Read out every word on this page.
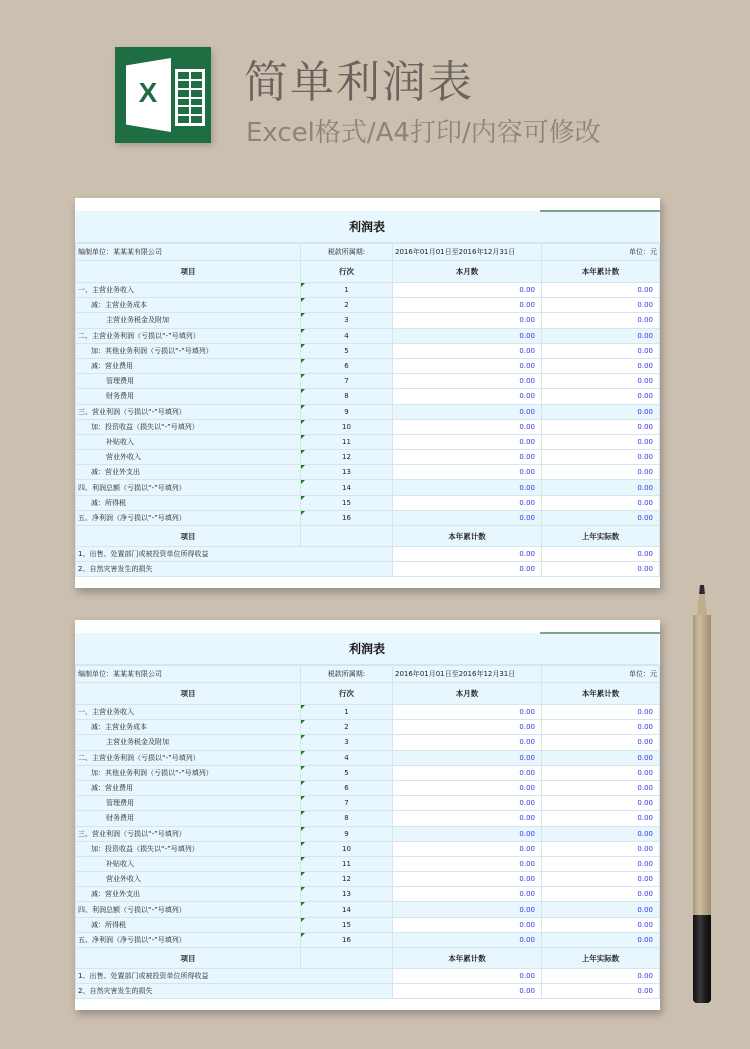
X 简单利润表
Excel格式/A4打印/内容可修改
利润表
编制单位：某某某有限公司	税款所属期:	2016年01月01日至2016年12月31日	单位：元
项目	行次	本月数	本年累计数
一、主营业务收入	1	0.00	0.00
减：主营业务成本	2	0.00	0.00
主营业务税金及附加	3	0.00	0.00
二、主营业务利润（亏损以“-”号填列）	4	0.00	0.00
加：其他业务利润（亏损以“-”号填列）	5	0.00	0.00
减：营业费用	6	0.00	0.00
管理费用	7	0.00	0.00
财务费用	8	0.00	0.00
三、营业利润（亏损以“-”号填列）	9	0.00	0.00
加：投资收益（损失以“-”号填列）	10	0.00	0.00
补贴收入	11	0.00	0.00
营业外收入	12	0.00	0.00
减：营业外支出	13	0.00	0.00
四、利润总额（亏损以“-”号填列）	14	0.00	0.00
减：所得税	15	0.00	0.00
五、净利润（净亏损以“-”号填列）	16	0.00	0.00
项目		本年累计数	上年实际数
1、出售、处置部门或被投资单位所得收益		0.00	0.00
2、自然灾害发生的损失		0.00	0.00
利润表
编制单位：某某某有限公司	税款所属期:	2016年01月01日至2016年12月31日	单位：元
项目	行次	本月数	本年累计数
一、主营业务收入	1	0.00	0.00
减：主营业务成本	2	0.00	0.00
主营业务税金及附加	3	0.00	0.00
二、主营业务利润（亏损以“-”号填列）	4	0.00	0.00
加：其他业务利润（亏损以“-”号填列）	5	0.00	0.00
减：营业费用	6	0.00	0.00
管理费用	7	0.00	0.00
财务费用	8	0.00	0.00
三、营业利润（亏损以“-”号填列）	9	0.00	0.00
加：投资收益（损失以“-”号填列）	10	0.00	0.00
补贴收入	11	0.00	0.00
营业外收入	12	0.00	0.00
减：营业外支出	13	0.00	0.00
四、利润总额（亏损以“-”号填列）	14	0.00	0.00
减：所得税	15	0.00	0.00
五、净利润（净亏损以“-”号填列）	16	0.00	0.00
项目		本年累计数	上年实际数
1、出售、处置部门或被投资单位所得收益		0.00	0.00
2、自然灾害发生的损失		0.00	0.00
